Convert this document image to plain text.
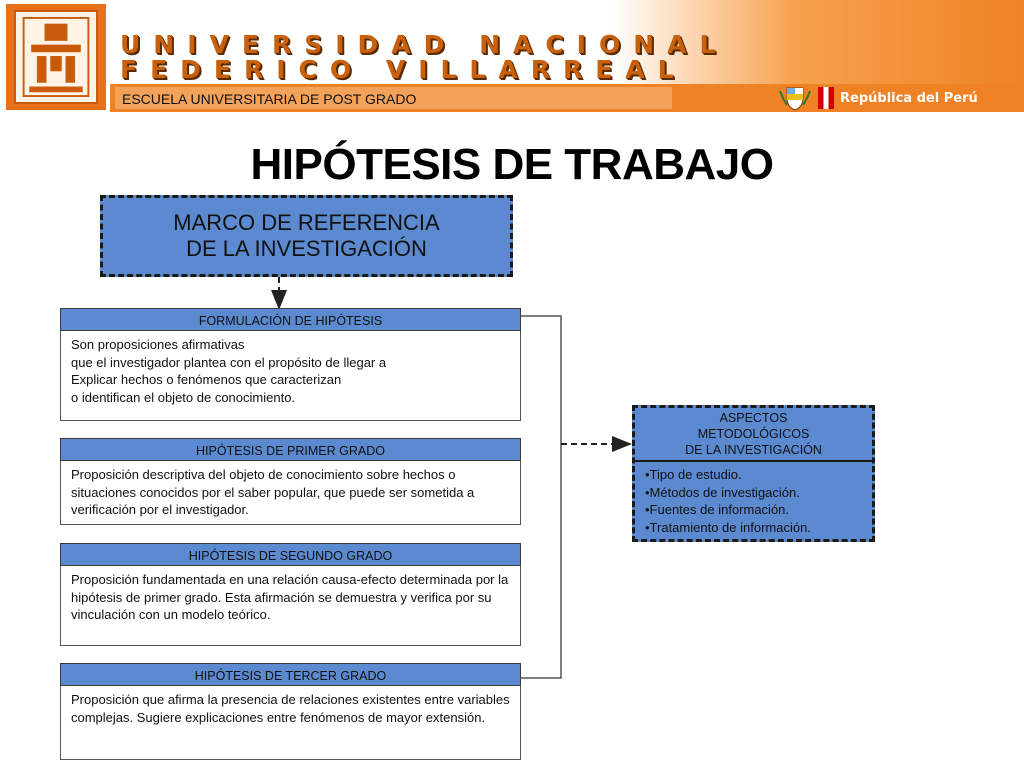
UNIVERSIDAD NACIONAL
FEDERICO VILLARREAL
ESCUELA UNIVERSITARIA DE POST GRADO	República del Perú
HIPÓTESIS DE TRABAJO
MARCO DE REFERENCIA DE LA INVESTIGACIÓN
FORMULACIÓN DE HIPÓTESIS
Son proposiciones afirmativas
que el investigador plantea con el propósito de llegar a
Explicar hechos o fenómenos que caracterizan
o identifican el objeto de conocimiento.
HIPÓTESIS DE PRIMER GRADO
Proposición descriptiva del objeto de conocimiento sobre hechos o situaciones conocidos por el saber popular, que puede ser sometida a verificación por el investigador.
HIPÓTESIS DE SEGUNDO GRADO
Proposición fundamentada en una relación causa-efecto determinada por la hipótesis de primer grado. Esta afirmación se demuestra y verifica por su vinculación con un modelo teórico.
HIPÓTESIS DE TERCER GRADO
Proposición que afirma la presencia de relaciones existentes entre variables complejas. Sugiere explicaciones entre fenómenos de mayor extensión.
ASPECTOS
METODOLÓGICOS
DE LA INVESTIGACIÓN
•Tipo de estudio.
•Métodos de investigación.
•Fuentes de información.
•Tratamiento de información.
